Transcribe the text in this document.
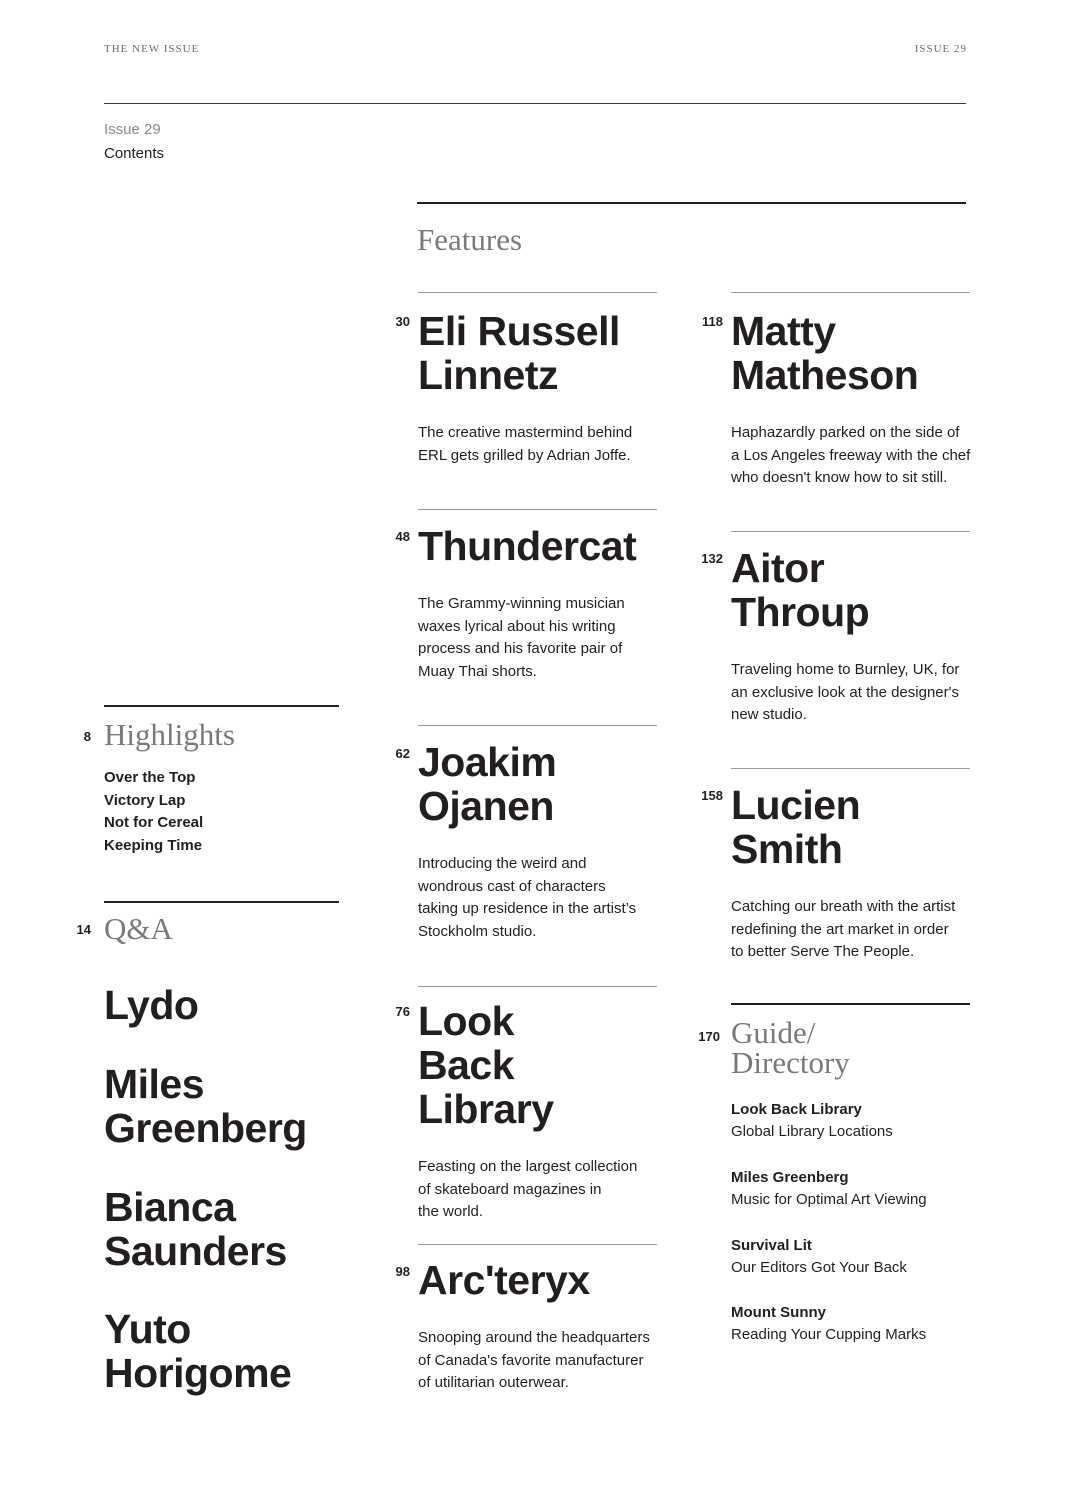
THE NEW ISSUE	ISSUE 29
Issue 29
Contents
Features
30 Eli Russell
Linnetz
The creative mastermind behind
ERL gets grilled by Adrian Joffe.
48 Thundercat
The Grammy-winning musician
waxes lyrical about his writing
process and his favorite pair of
Muay Thai shorts.
62 Joakim
Ojanen
Introducing the weird and
wondrous cast of characters
taking up residence in the artist’s
Stockholm studio.
76 Look
Back
Library
Feasting on the largest collection
of skateboard magazines in
the world.
98 Arc'teryx
Snooping around the headquarters
of Canada's favorite manufacturer
of utilitarian outerwear.
118 Matty
Matheson
Haphazardly parked on the side of
a Los Angeles freeway with the chef
who doesn't know how to sit still.
132 Aitor
Throup
Traveling home to Burnley, UK, for
an exclusive look at the designer's
new studio.
158 Lucien
Smith
Catching our breath with the artist
redefining the art market in order
to better Serve The People.
8 Highlights
Over the Top
Victory Lap
Not for Cereal
Keeping Time
14 Q&A
Lydo
Miles
Greenberg
Bianca
Saunders
Yuto
Horigome
170 Guide/
Directory
Look Back Library
Global Library Locations
Miles Greenberg
Music for Optimal Art Viewing
Survival Lit
Our Editors Got Your Back
Mount Sunny
Reading Your Cupping Marks
